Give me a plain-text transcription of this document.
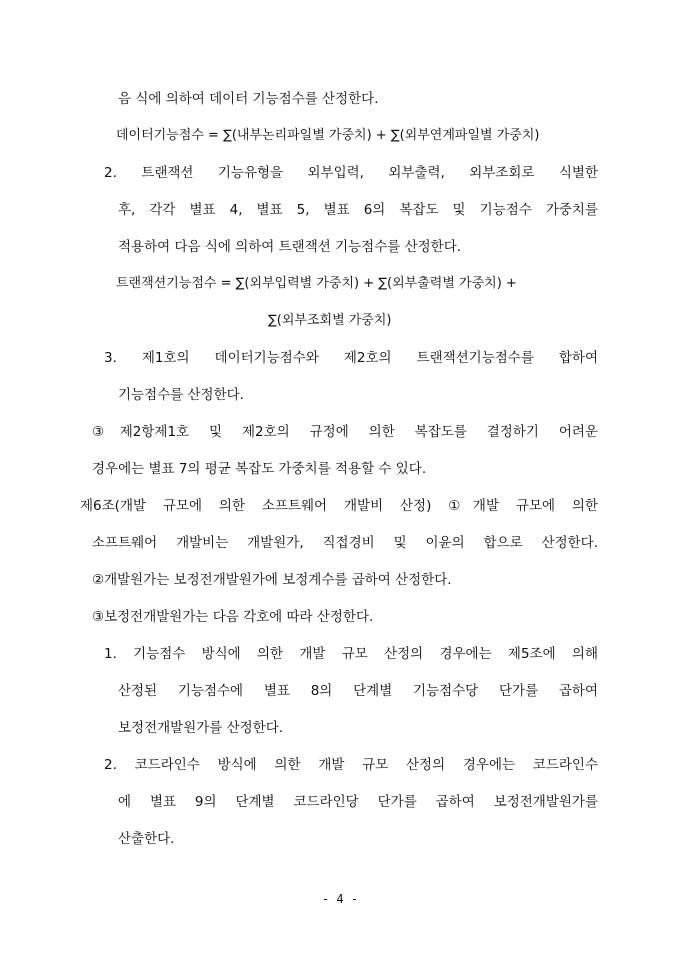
음 식에 의하여 데이터 기능점수를 산정한다.
데이터기능점수 = ∑(내부논리파일별 가중치) + ∑(외부연계파일별 가중치)
2. 트랜잭션 기능유형을 외부입력, 외부출력, 외부조회로 식별한
후, 각각 별표 4, 별표 5, 별표 6의 복잡도 및 기능점수 가중치를
적용하여 다음 식에 의하여 트랜잭션 기능점수를 산정한다.
트랜잭션기능점수 = ∑(외부입력별 가중치) + ∑(외부출력별 가중치) +
∑(외부조회별 가중치)
3. 제1호의 데이터기능점수와 제2호의 트랜잭션기능점수를 합하여
기능점수를 산정한다.
③제2항제1호 및 제2호의 규정에 의한 복잡도를 결정하기 어려운
경우에는 별표 7의 평균 복잡도 가중치를 적용할 수 있다.
제6조(개발 규모에 의한 소프트웨어 개발비 산정) ①개발 규모에 의한
소프트웨어 개발비는 개발원가, 직접경비 및 이윤의 합으로 산정한다.
②개발원가는 보정전개발원가에 보정계수를 곱하여 산정한다.
③보정전개발원가는 다음 각호에 따라 산정한다.
1. 기능점수 방식에 의한 개발 규모 산정의 경우에는 제5조에 의해
산정된 기능점수에 별표 8의 단계별 기능점수당 단가를 곱하여
보정전개발원가를 산정한다.
2. 코드라인수 방식에 의한 개발 규모 산정의 경우에는 코드라인수
에 별표 9의 단계별 코드라인당 단가를 곱하여 보정전개발원가를
산출한다.
- 4 -
